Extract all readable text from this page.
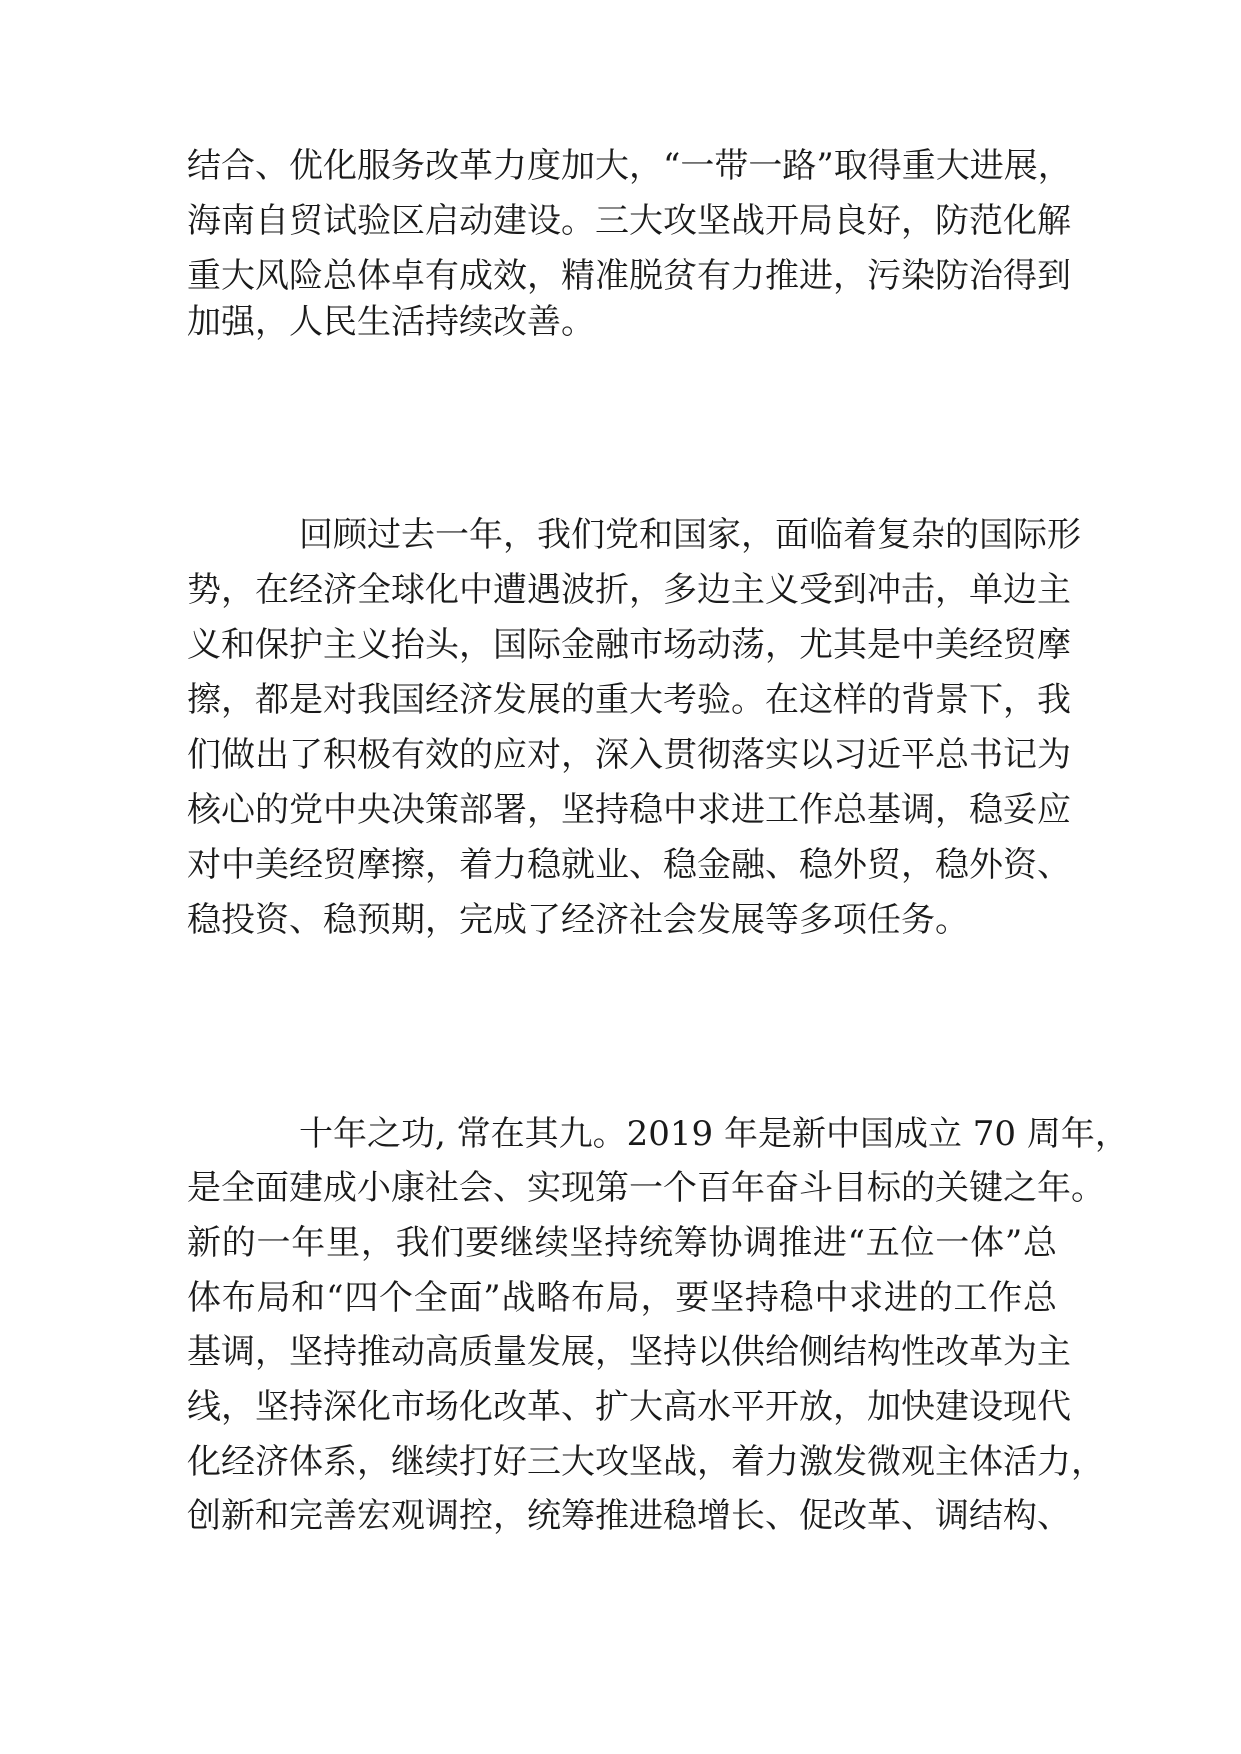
结合、优化服务改革力度加大，“一带一路”取得重大进展，
海南自贸试验区启动建设。三大攻坚战开局良好，防范化解
重大风险总体卓有成效，精准脱贫有力推进，污染防治得到
加强，人民生活持续改善。
回顾过去一年，我们党和国家，面临着复杂的国际形
势，在经济全球化中遭遇波折，多边主义受到冲击，单边主
义和保护主义抬头，国际金融市场动荡，尤其是中美经贸摩
擦，都是对我国经济发展的重大考验。在这样的背景下，我
们做出了积极有效的应对，深入贯彻落实以习近平总书记为
核心的党中央决策部署，坚持稳中求进工作总基调，稳妥应
对中美经贸摩擦，着力稳就业、稳金融、稳外贸，稳外资、
稳投资、稳预期，完成了经济社会发展等多项任务。
十年之功, 常在其九。2019 年是新中国成立 70 周年，
是全面建成小康社会、实现第一个百年奋斗目标的关键之年。
新的一年里，我们要继续坚持统筹协调推进“五位一体”总
体布局和“四个全面”战略布局，要坚持稳中求进的工作总
基调，坚持推动高质量发展，坚持以供给侧结构性改革为主
线，坚持深化市场化改革、扩大高水平开放，加快建设现代
化经济体系，继续打好三大攻坚战，着力激发微观主体活力，
创新和完善宏观调控，统筹推进稳增长、促改革、调结构、
